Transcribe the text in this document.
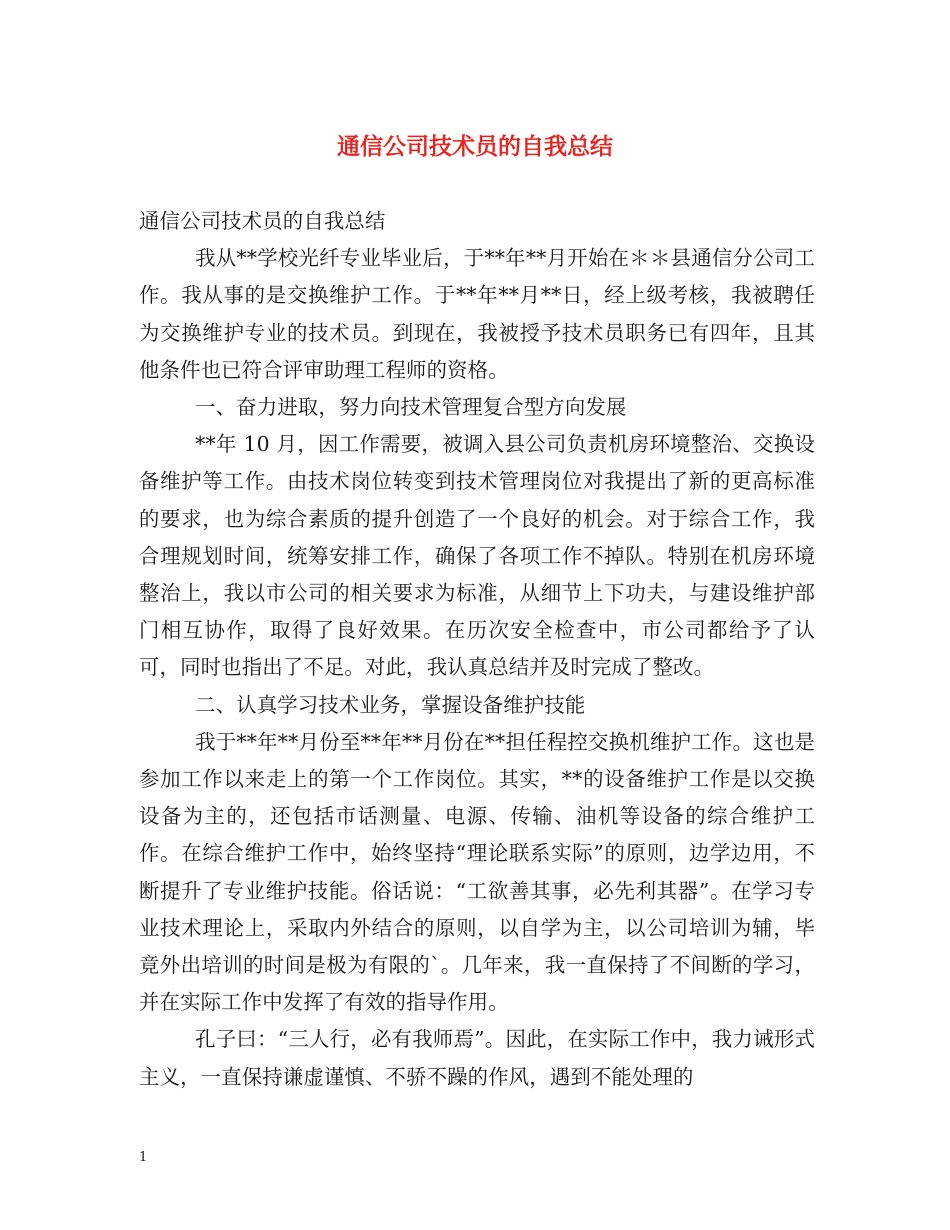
通信公司技术员的自我总结

通信公司技术员的自我总结

我从**学校光纤专业毕业后，于**年**月开始在＊＊县通信分公司工作。我从事的是交换维护工作。于**年**月**日，经上级考核，我被聘任为交换维护专业的技术员。到现在，我被授予技术员职务已有四年，且其他条件也已符合评审助理工程师的资格。

一、奋力进取，努力向技术管理复合型方向发展

**年 10 月，因工作需要，被调入县公司负责机房环境整治、交换设备维护等工作。由技术岗位转变到技术管理岗位对我提出了新的更高标准的要求，也为综合素质的提升创造了一个良好的机会。对于综合工作，我合理规划时间，统筹安排工作，确保了各项工作不掉队。特别在机房环境整治上，我以市公司的相关要求为标准，从细节上下功夫，与建设维护部门相互协作，取得了良好效果。在历次安全检查中，市公司都给予了认可，同时也指出了不足。对此，我认真总结并及时完成了整改。

二、认真学习技术业务，掌握设备维护技能

我于**年**月份至**年**月份在**担任程控交换机维护工作。这也是参加工作以来走上的第一个工作岗位。其实，**的设备维护工作是以交换设备为主的，还包括市话测量、电源、传输、油机等设备的综合维护工作。在综合维护工作中，始终坚持“理论联系实际”的原则，边学边用，不断提升了专业维护技能。俗话说：“工欲善其事，必先利其器”。在学习专业技术理论上，采取内外结合的原则，以自学为主，以公司培训为辅，毕竟外出培训的时间是极为有限的`。几年来，我一直保持了不间断的学习，并在实际工作中发挥了有效的指导作用。

孔子曰：“三人行，必有我师焉”。因此，在实际工作中，我力诫形式主义，一直保持谦虚谨慎、不骄不躁的作风，遇到不能处理的

1
